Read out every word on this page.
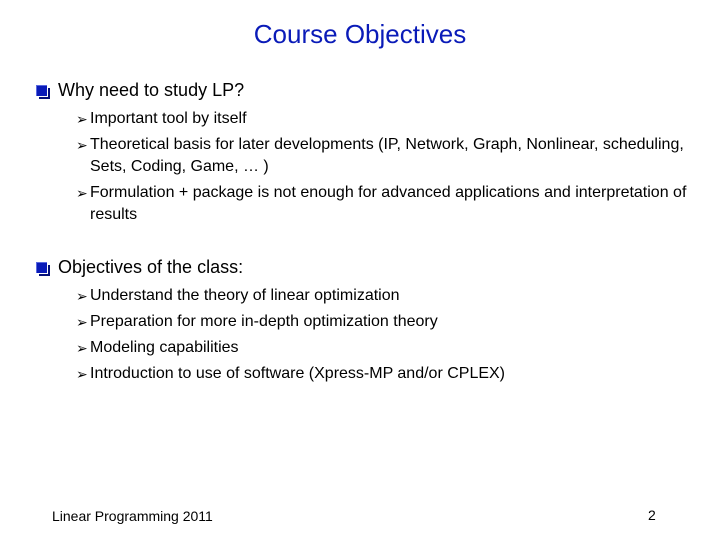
Course Objectives
Why need to study LP?
➢ Important tool by itself
➢ Theoretical basis for later developments (IP, Network, Graph, Nonlinear, scheduling, Sets, Coding, Game, … )
➢ Formulation + package is not enough for advanced applications and interpretation of results
Objectives of the class:
➢ Understand the theory of linear optimization
➢ Preparation for more in-depth optimization theory
➢ Modeling capabilities
➢ Introduction to use of software (Xpress-MP and/or CPLEX)
Linear Programming 2011	2
